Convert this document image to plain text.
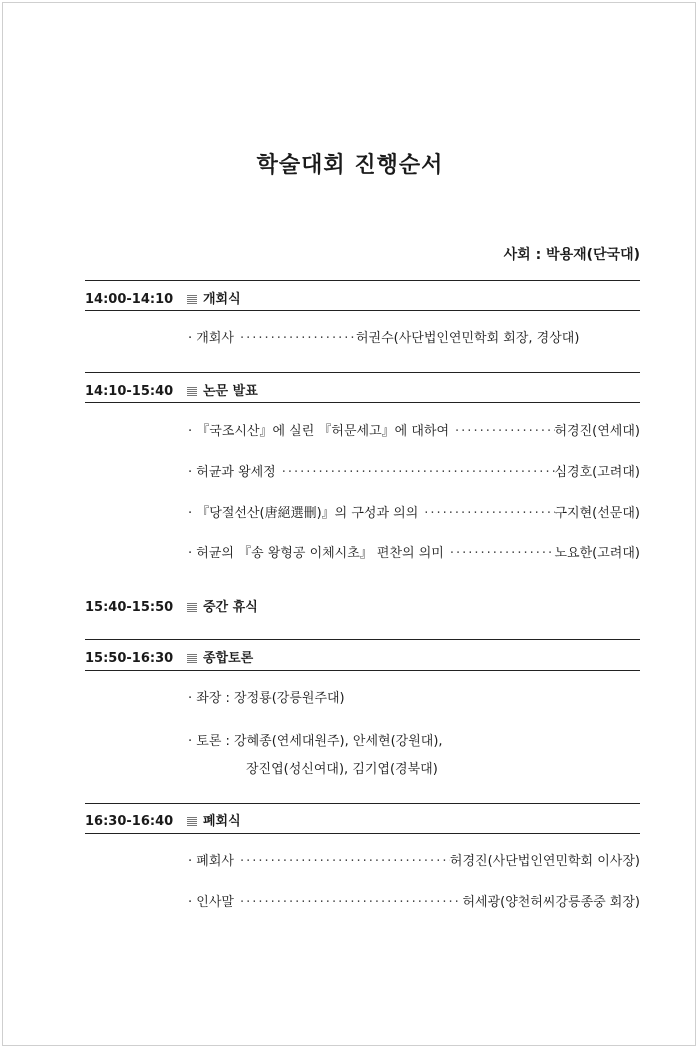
학술대회 진행순서
사회 : 박용재(단국대)
14:00-14:10 개회식
· 개회사 ·····	허권수(사단법인연민학회 회장, 경상대)
14:10-15:40 논문 발표
· 『국조시산』에 실린 『허문세고』에 대하여 ·····	허경진(연세대)
· 허균과 왕세정 ·····	심경호(고려대)
· 『당절선산(唐絕選刪)』의 구성과 의의 ·····	구지현(선문대)
· 허균의 『송 왕형공 이체시초』 편찬의 의미 ·····	노요한(고려대)
15:40-15:50 중간 휴식
15:50-16:30 종합토론
· 좌장 : 장정룡(강릉원주대)
· 토론 : 강혜종(연세대원주), 안세현(강원대),
장진엽(성신여대), 김기엽(경북대)
16:30-16:40 폐회식
· 폐회사 ·····	허경진(사단법인연민학회 이사장)
· 인사말 ·····	허세광(양천허씨강릉종중 회장)
